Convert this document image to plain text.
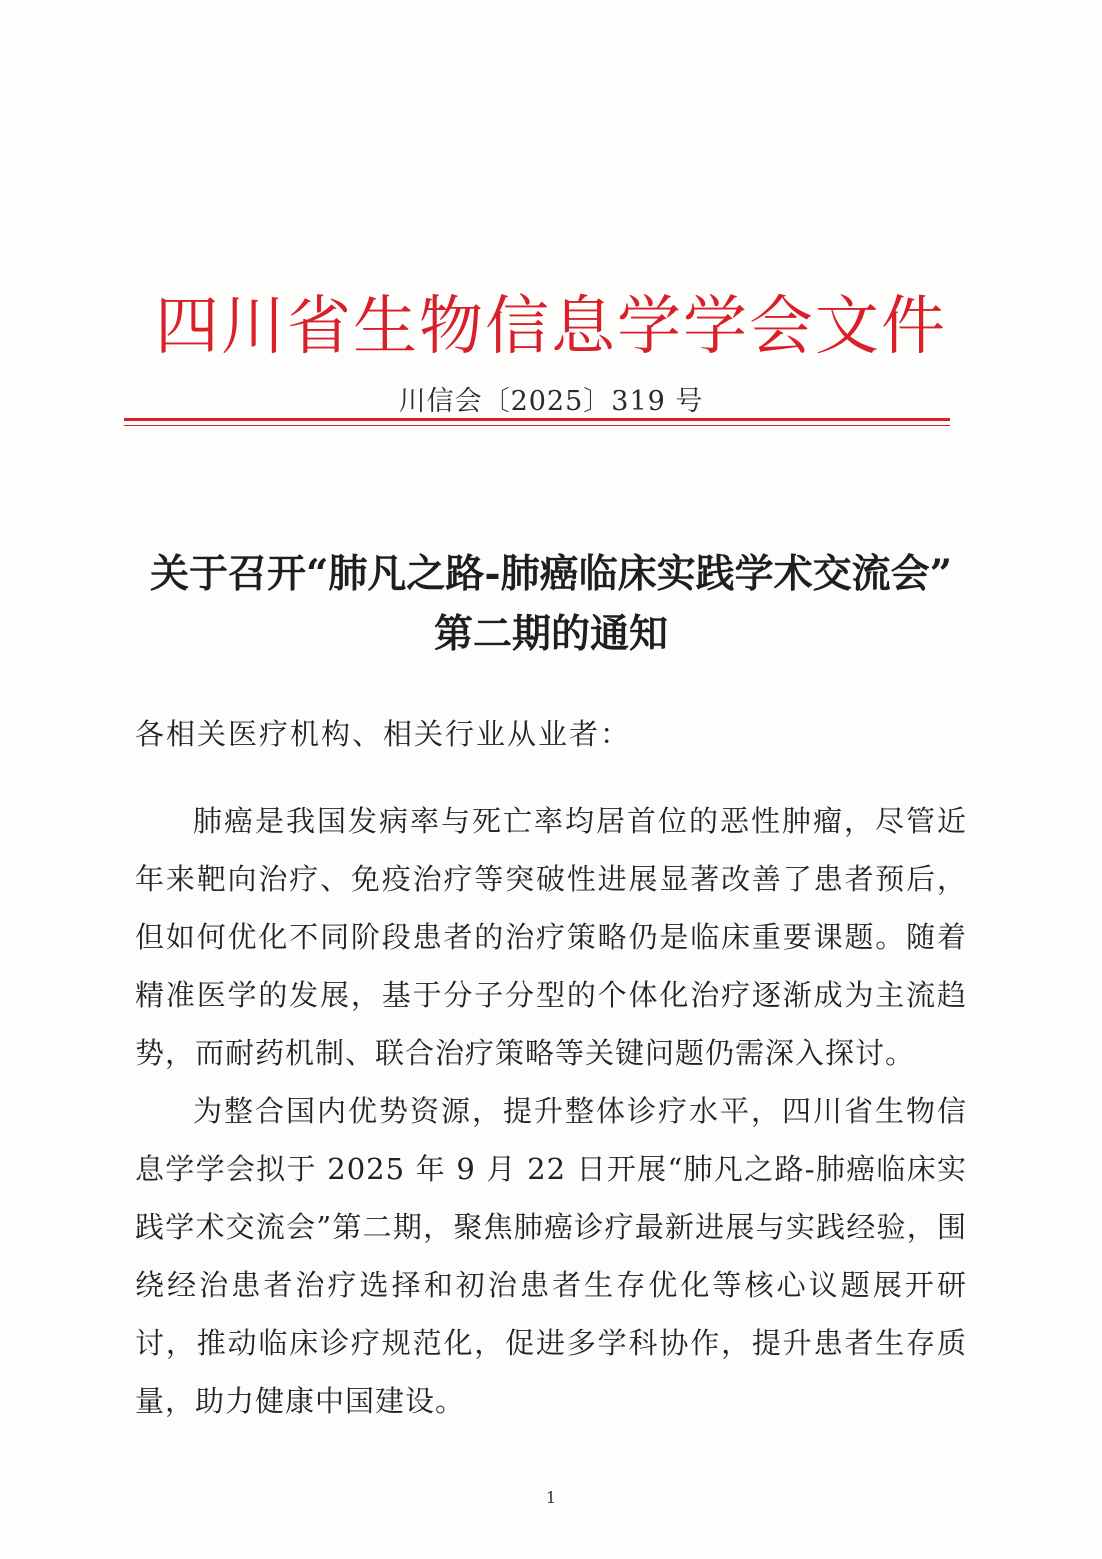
四川省生物信息学学会文件
川信会〔2025〕319 号
关于召开“肺凡之路-肺癌临床实践学术交流会”
第二期的通知
各相关医疗机构、相关行业从业者：
肺癌是我国发病率与死亡率均居首位的恶性肿瘤，尽管近年来靶向治疗、免疫治疗等突破性进展显著改善了患者预后，但如何优化不同阶段患者的治疗策略仍是临床重要课题。随着精准医学的发展，基于分子分型的个体化治疗逐渐成为主流趋势，而耐药机制、联合治疗策略等关键问题仍需深入探讨。
为整合国内优势资源，提升整体诊疗水平，四川省生物信息学学会拟于 2025 年 9 月 22 日开展“肺凡之路-肺癌临床实践学术交流会”第二期，聚焦肺癌诊疗最新进展与实践经验，围绕经治患者治疗选择和初治患者生存优化等核心议题展开研讨，推动临床诊疗规范化，促进多学科协作，提升患者生存质量，助力健康中国建设。
1
